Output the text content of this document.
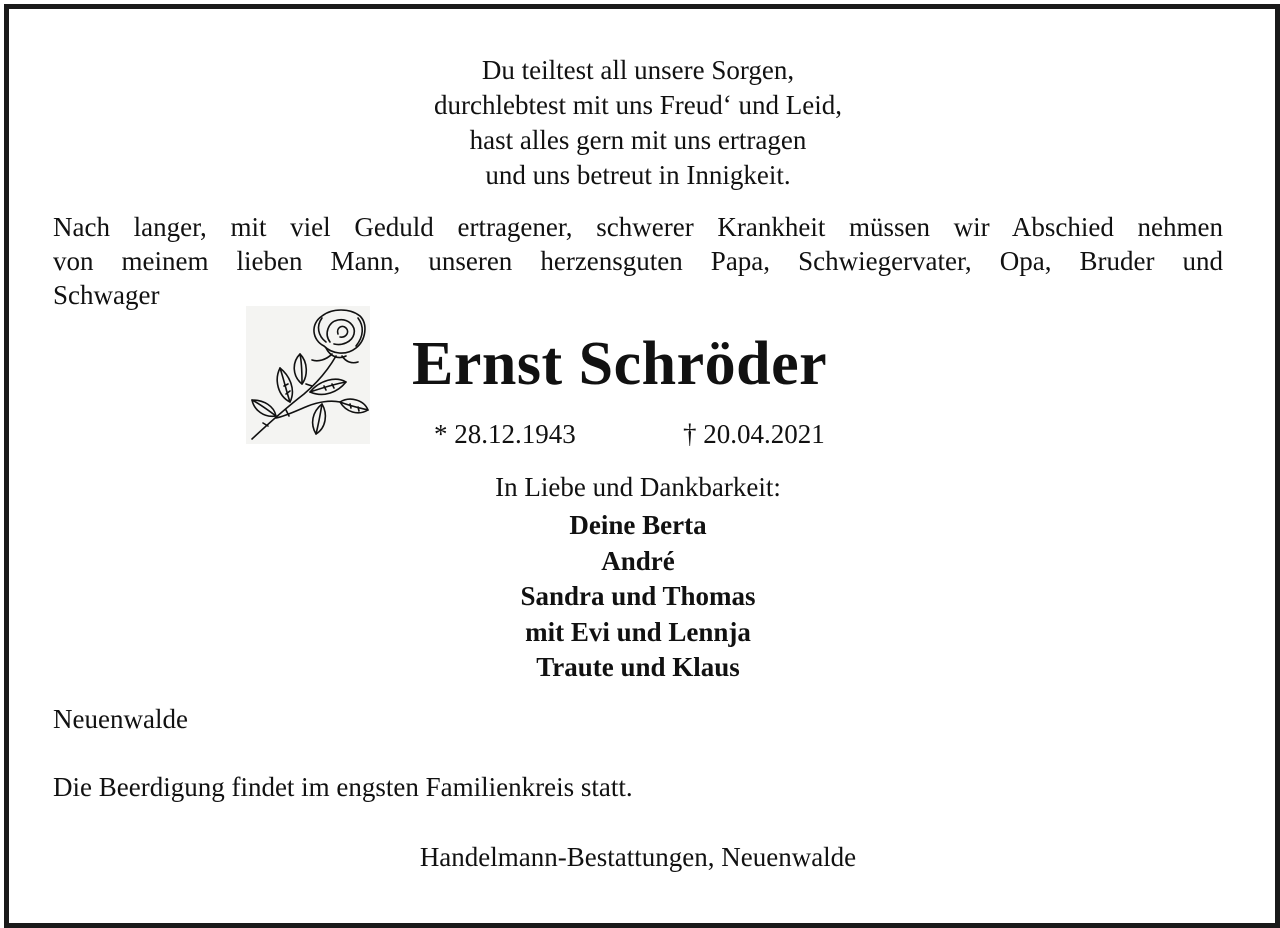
Du teiltest all unsere Sorgen,
durchlebtest mit uns Freud‘ und Leid,
hast alles gern mit uns ertragen
und uns betreut in Innigkeit.
Nach langer, mit viel Geduld ertragener, schwerer Krankheit müssen wir Abschied nehmen
von meinem lieben Mann, unseren herzensguten Papa, Schwiegervater, Opa, Bruder und
Schwager
Ernst Schröder
* 28.12.1943	† 20.04.2021
In Liebe und Dankbarkeit:
Deine Berta
André
Sandra und Thomas
mit Evi und Lennja
Traute und Klaus
Neuenwalde
Die Beerdigung findet im engsten Familienkreis statt.
Handelmann-Bestattungen, Neuenwalde
